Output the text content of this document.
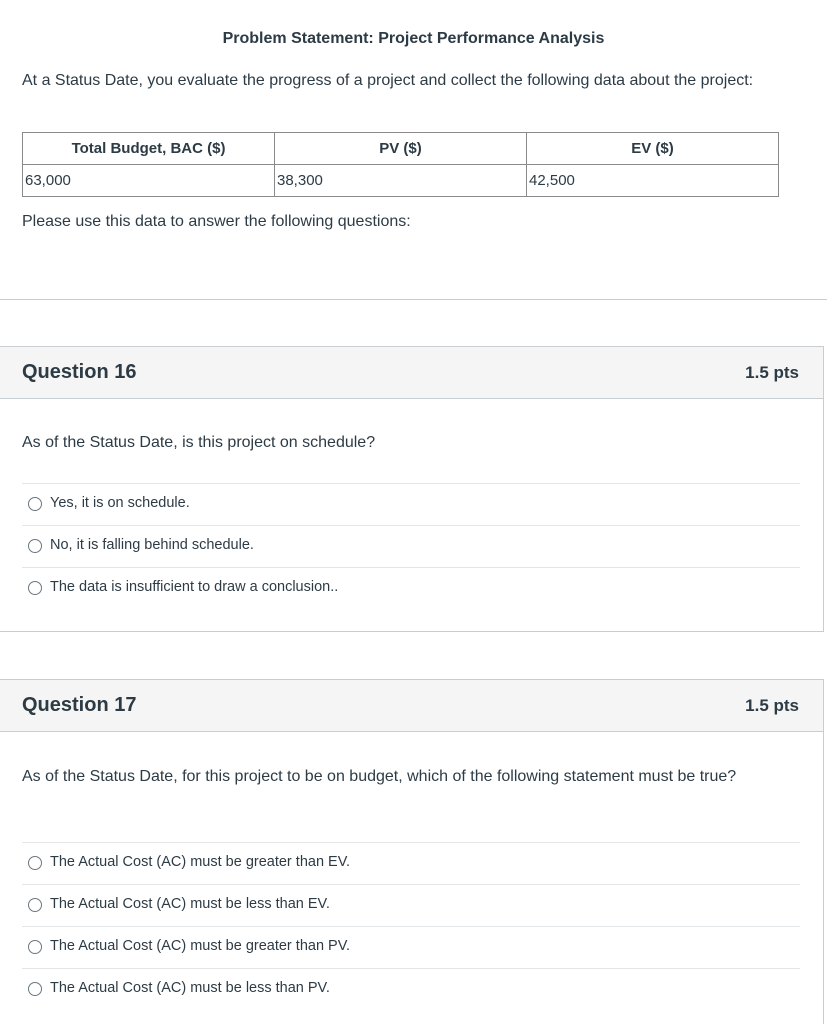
Problem Statement: Project Performance Analysis
At a Status Date, you evaluate the progress of a project and collect the following data about the project:
Total Budget, BAC ($)	PV ($)	EV ($)
63,000	38,300	42,500
Please use this data to answer the following questions:
Question 16	1.5 pts
As of the Status Date, is this project on schedule?
Yes, it is on schedule.
No, it is falling behind schedule.
The data is insufficient to draw a conclusion..
Question 17	1.5 pts
As of the Status Date, for this project to be on budget, which of the following statement must be true?
The Actual Cost (AC) must be greater than EV.
The Actual Cost (AC) must be less than EV.
The Actual Cost (AC) must be greater than PV.
The Actual Cost (AC) must be less than PV.
